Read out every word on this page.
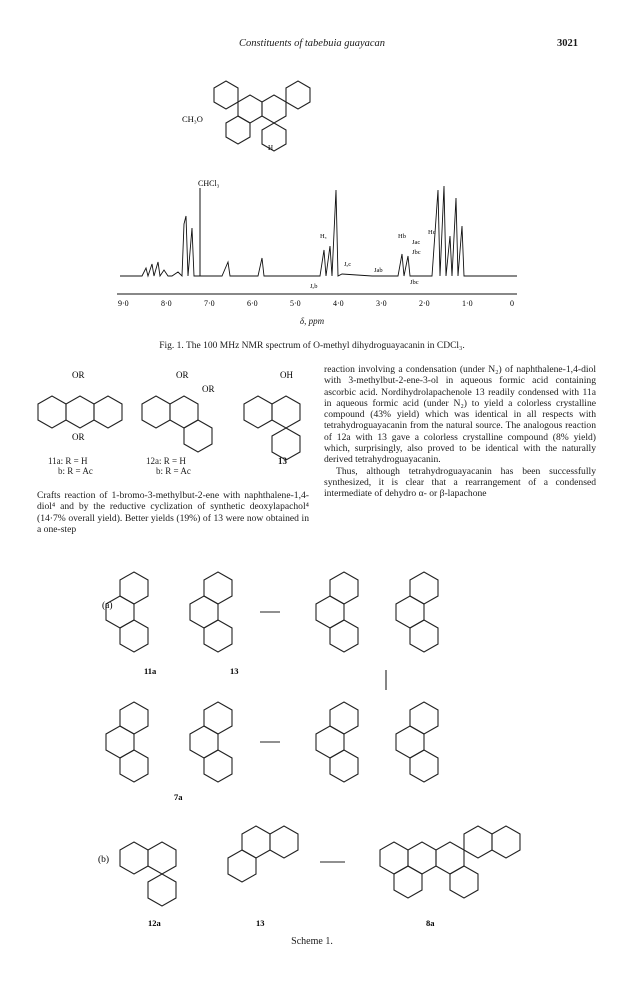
Constituents of tabebuia guayacan	3021
CH₃O
H
CHCl₃
9·0	8·0	7·0	6·0	5·0	4·0	3·0	2·0	1·0	0
Hₐ
Jₐc
Jₐb
Hb
Jbc
Jab
Hc
Jac
Jbc
δ, ppm
Fig. 1. The 100 MHz NMR spectrum of O-methyl dihydroguayacanin in CDCl₃.
OR
OR
OR
OR
OH
11a: R = H
b: R = Ac
12a: R = H
b: R = Ac
13

Crafts reaction of 1-bromo-3-methylbut-2-ene with naphthalene-1,4-diol⁴ and by the reductive cyclization of synthetic deoxylapachol⁴ (14·7% overall yield). Better yields (19%) of 13 were now obtained in a one-step

reaction involving a condensation (under N₂) of naphthalene-1,4-diol with 3-methylbut-2-ene-3-ol in aqueous formic acid containing ascorbic acid. Nordihydrolapachenole 13 readily condensed with 11a in aqueous formic acid (under N₂) to yield a colorless crystalline compound (43% yield) which was identical in all respects with tetrahydroguayacanin from the natural source. The analogous reaction of 12a with 13 gave a colorless crystalline compound (8% yield) which, surprisingly, also proved to be identical with the naturally derived tetrahydroguayacanin.

Thus, although tetrahydroguayacanin has been successfully synthesized, it is clear that a rearrangement of a condensed intermediate of dehydro α- or β-lapachone

(a)
(b)
11a	13
7a
12a	13	8a
Scheme 1.
